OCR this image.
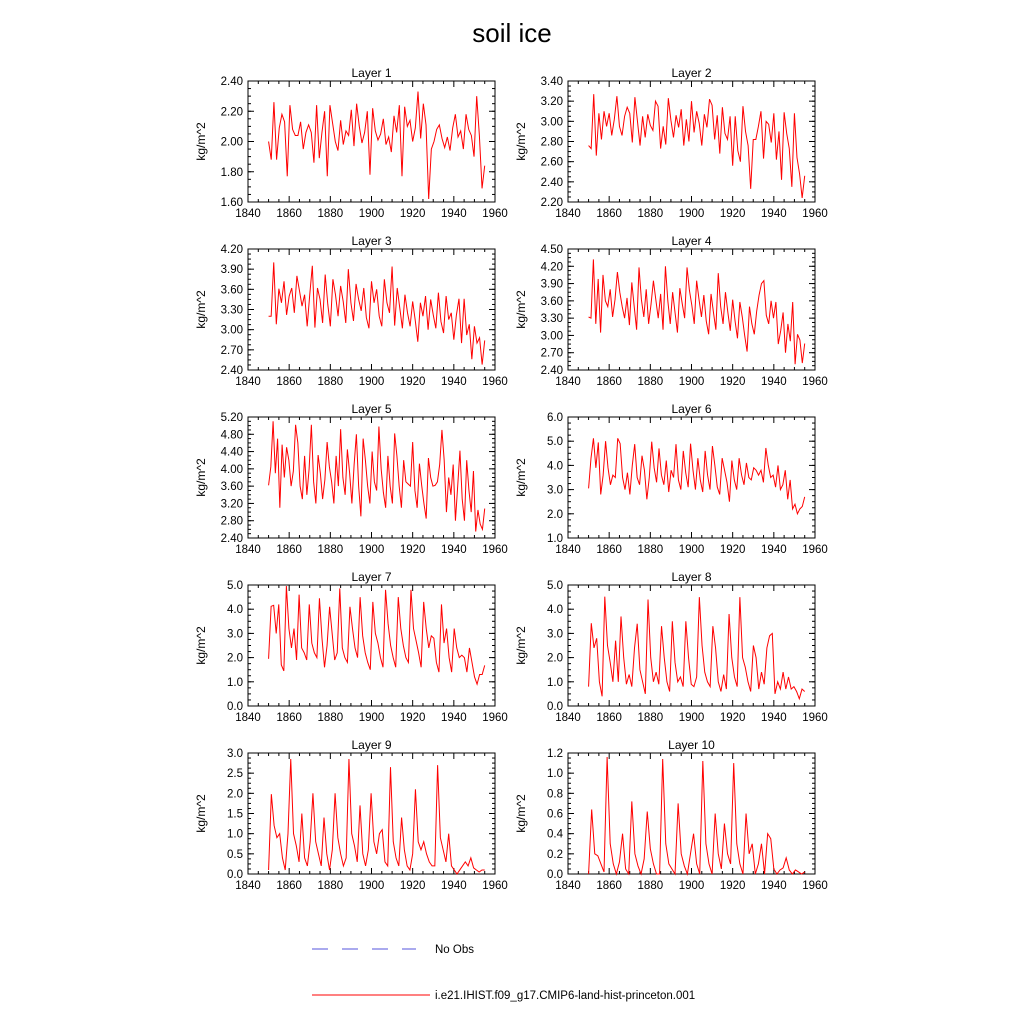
soil ice
Layer 1
kg/m^2
1840 1860 1880 1900 1920 1940 1960
1.60
1.80
2.00
2.20
2.40
Layer 2
kg/m^2
1840 1860 1880 1900 1920 1940 1960
2.20
2.40
2.60
2.80
3.00
3.20
3.40
Layer 3
kg/m^2
1840 1860 1880 1900 1920 1940 1960
2.40
2.70
3.00
3.30
3.60
3.90
4.20
Layer 4
kg/m^2
1840 1860 1880 1900 1920 1940 1960
2.40
2.70
3.00
3.30
3.60
3.90
4.20
4.50
Layer 5
kg/m^2
1840 1860 1880 1900 1920 1940 1960
2.40
2.80
3.20
3.60
4.00
4.40
4.80
5.20
Layer 6
kg/m^2
1840 1860 1880 1900 1920 1940 1960
1.0
2.0
3.0
4.0
5.0
6.0
Layer 7
kg/m^2
1840 1860 1880 1900 1920 1940 1960
0.0
1.0
2.0
3.0
4.0
5.0
Layer 8
kg/m^2
1840 1860 1880 1900 1920 1940 1960
0.0
1.0
2.0
3.0
4.0
5.0
Layer 9
kg/m^2
1840 1860 1880 1900 1920 1940 1960
0.0
0.5
1.0
1.5
2.0
2.5
3.0
Layer 10
kg/m^2
1840 1860 1880 1900 1920 1940 1960
0.0
0.2
0.4
0.6
0.8
1.0
1.2
No Obs
i.e21.IHIST.f09_g17.CMIP6-land-hist-princeton.001
